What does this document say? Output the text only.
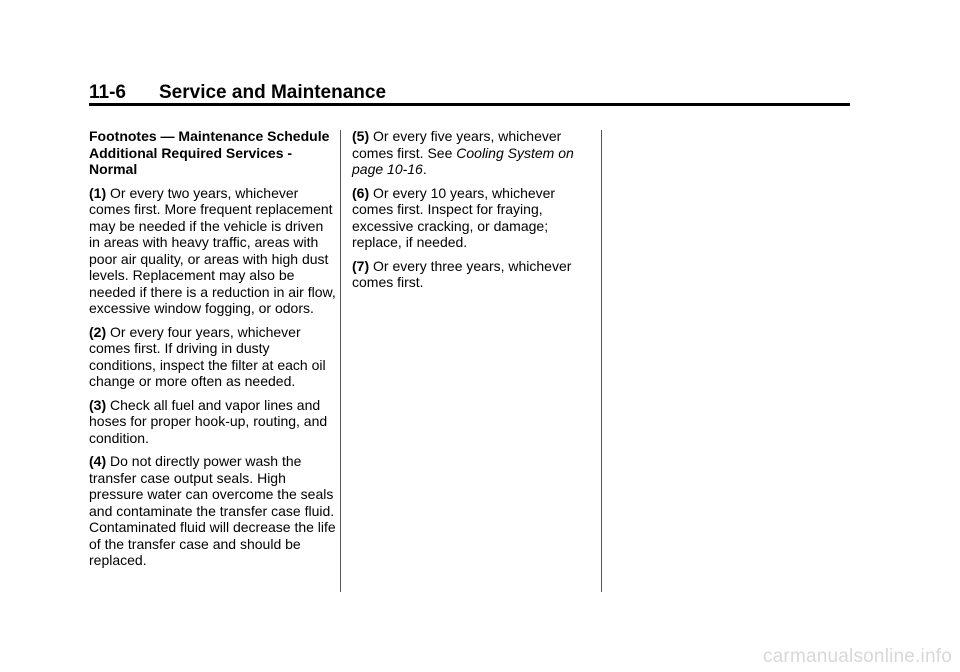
11-6 Service and Maintenance

Footnotes — Maintenance Schedule Additional Required Services - Normal

(1) Or every two years, whichever comes first. More frequent replacement may be needed if the vehicle is driven in areas with heavy traffic, areas with poor air quality, or areas with high dust levels. Replacement may also be needed if there is a reduction in air flow, excessive window fogging, or odors.

(2) Or every four years, whichever comes first. If driving in dusty conditions, inspect the filter at each oil change or more often as needed.

(3) Check all fuel and vapor lines and hoses for proper hook-up, routing, and condition.

(4) Do not directly power wash the transfer case output seals. High pressure water can overcome the seals and contaminate the transfer case fluid. Contaminated fluid will decrease the life of the transfer case and should be replaced.

(5) Or every five years, whichever comes first. See Cooling System on page 10-16.

(6) Or every 10 years, whichever comes first. Inspect for fraying, excessive cracking, or damage; replace, if needed.

(7) Or every three years, whichever comes first.

carmanualsonline.info
